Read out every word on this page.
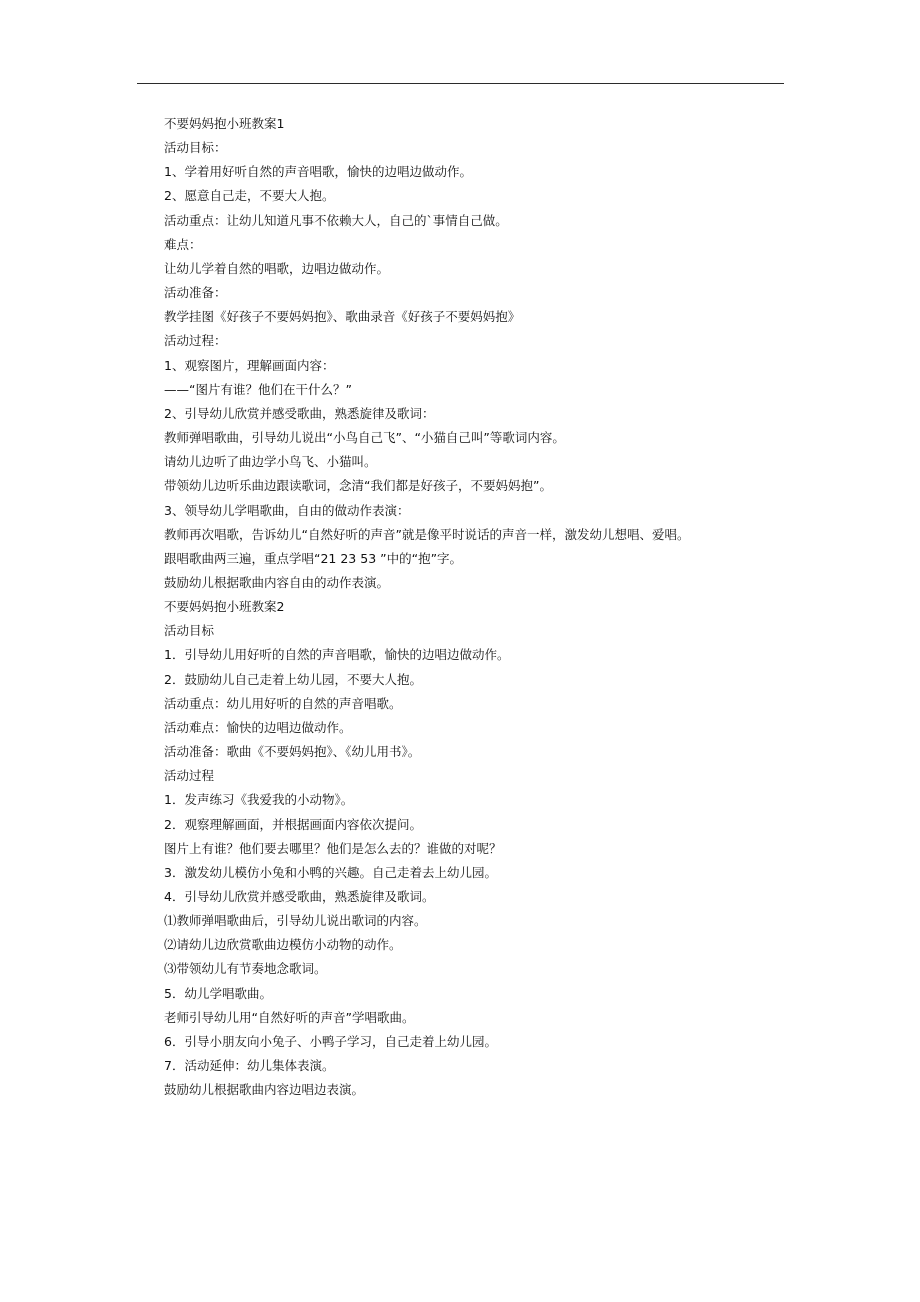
不要妈妈抱小班教案1
活动目标：
1、学着用好听自然的声音唱歌，愉快的边唱边做动作。
2、愿意自己走，不要大人抱。
活动重点：让幼儿知道凡事不依赖大人，自己的`事情自己做。
难点：
让幼儿学着自然的唱歌，边唱边做动作。
活动准备：
教学挂图《好孩子不要妈妈抱》、歌曲录音《好孩子不要妈妈抱》
活动过程：
1、观察图片，理解画面内容：
——“图片有谁？他们在干什么？”
2、引导幼儿欣赏并感受歌曲，熟悉旋律及歌词：
教师弹唱歌曲，引导幼儿说出“小鸟自己飞”、“小猫自己叫”等歌词内容。
请幼儿边听了曲边学小鸟飞、小猫叫。
带领幼儿边听乐曲边跟读歌词，念清“我们都是好孩子，不要妈妈抱”。
3、领导幼儿学唱歌曲，自由的做动作表演：
教师再次唱歌，告诉幼儿“自然好听的声音”就是像平时说话的声音一样，激发幼儿想唱、爱唱。
跟唱歌曲两三遍，重点学唱“21 23 53 ”中的“抱”字。
鼓励幼儿根据歌曲内容自由的动作表演。
不要妈妈抱小班教案2
活动目标
1．引导幼儿用好听的自然的声音唱歌，愉快的边唱边做动作。
2．鼓励幼儿自己走着上幼儿园，不要大人抱。
活动重点：幼儿用好听的自然的声音唱歌。
活动难点：愉快的边唱边做动作。
活动准备：歌曲《不要妈妈抱》、《幼儿用书》。
活动过程
1．发声练习《我爱我的小动物》。
2．观察理解画面，并根据画面内容依次提问。
图片上有谁？他们要去哪里？他们是怎么去的？谁做的对呢？
3．激发幼儿模仿小兔和小鸭的兴趣。自己走着去上幼儿园。
4．引导幼儿欣赏并感受歌曲，熟悉旋律及歌词。
⑴教师弹唱歌曲后，引导幼儿说出歌词的内容。
⑵请幼儿边欣赏歌曲边模仿小动物的动作。
⑶带领幼儿有节奏地念歌词。
5．幼儿学唱歌曲。
老师引导幼儿用“自然好听的声音”学唱歌曲。
6．引导小朋友向小兔子、小鸭子学习，自己走着上幼儿园。
7．活动延伸：幼儿集体表演。
鼓励幼儿根据歌曲内容边唱边表演。
